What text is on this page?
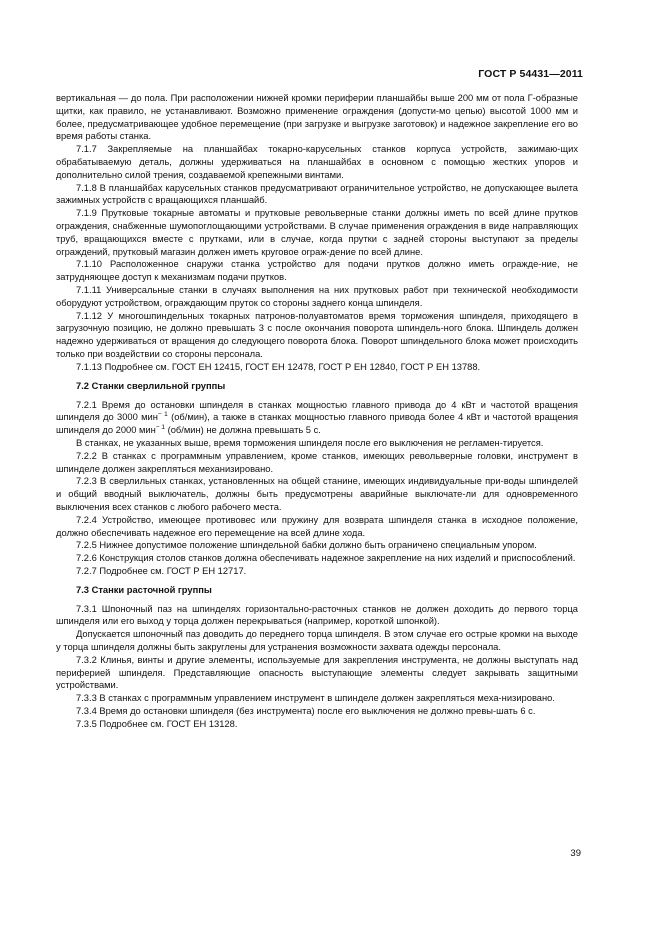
ГОСТ Р 54431—2011

вертикальная — до пола. При расположении нижней кромки периферии планшайбы выше 200 мм от пола Г-образные щитки, как правило, не устанавливают. Возможно применение ограждения (допусти-мо цепью) высотой 1000 мм и более, предусматривающее удобное перемещение (при загрузке и выгрузке заготовок) и надежное закрепление его во время работы станка.

7.1.7 Закрепляемые на планшайбах токарно-карусельных станков корпуса устройств, зажимаю-щих обрабатываемую деталь, должны удерживаться на планшайбах в основном с помощью жестких упоров и дополнительно силой трения, создаваемой крепежными винтами.

7.1.8 В планшайбах карусельных станков предусматривают ограничительное устройство, не допускающее вылета зажимных устройств с вращающихся планшайб.

7.1.9 Прутковые токарные автоматы и прутковые револьверные станки должны иметь по всей длине прутков ограждения, снабженные шумопоглощающими устройствами. В случае применения ограждения в виде направляющих труб, вращающихся вместе с прутками, или в случае, когда прутки с задней стороны выступают за пределы ограждений, прутковый магазин должен иметь круговое ограж-дение по всей длине.

7.1.10 Расположенное снаружи станка устройство для подачи прутков должно иметь огражде-ние, не затрудняющее доступ к механизмам подачи прутков.

7.1.11 Универсальные станки в случаях выполнения на них прутковых работ при технической необходимости оборудуют устройством, ограждающим пруток со стороны заднего конца шпинделя.

7.1.12 У многошпиндельных токарных патронов-полуавтоматов время торможения шпинделя, приходящего в загрузочную позицию, не должно превышать 3 с после окончания поворота шпиндель-ного блока. Шпиндель должен надежно удерживаться от вращения до следующего поворота блока. Поворот шпиндельного блока может происходить только при воздействии со стороны персонала.

7.1.13 Подробнее см. ГОСТ ЕН 12415, ГОСТ ЕН 12478, ГОСТ Р ЕН 12840, ГОСТ Р ЕН 13788.

7.2 Станки сверлильной группы

7.2.1 Время до остановки шпинделя в станках мощностью главного привода до 4 кВт и частотой вращения шпинделя до 3000 мин$^{- 1}$ (об/мин), а также в станках мощностью главного привода более 4 кВт и частотой вращения шпинделя до 2000 мин$^{- 1}$ (об/мин) не должна превышать 5 с.

В станках, не указанных выше, время торможения шпинделя после его выключения не регламен-тируется.

7.2.2 В станках с программным управлением, кроме станков, имеющих револьверные головки, инструмент в шпинделе должен закрепляться механизировано.

7.2.3 В сверлильных станках, установленных на общей станине, имеющих индивидуальные при-воды шпинделей и общий вводный выключатель, должны быть предусмотрены аварийные выключате-ли для одновременного выключения всех станков с любого рабочего места.

7.2.4 Устройство, имеющее противовес или пружину для возврата шпинделя станка в исходное положение, должно обеспечивать надежное его перемещение на всей длине хода.

7.2.5 Нижнее допустимое положение шпиндельной бабки должно быть ограничено специальным упором.

7.2.6 Конструкция столов станков должна обеспечивать надежное закрепление на них изделий и приспособлений.

7.2.7 Подробнее см. ГОСТ Р ЕН 12717.

7.3 Станки расточной группы

7.3.1 Шпоночный паз на шпинделях горизонтально-расточных станков не должен доходить до первого торца шпинделя или его выход у торца должен перекрываться (например, короткой шпонкой).

Допускается шпоночный паз доводить до переднего торца шпинделя. В этом случае его острые кромки на выходе у торца шпинделя должны быть закруглены для устранения возможности захвата одежды персонала.

7.3.2 Клинья, винты и другие элементы, используемые для закрепления инструмента, не должны выступать над периферией шпинделя. Представляющие опасность выступающие элементы следует закрывать защитными устройствами.

7.3.3 В станках с программным управлением инструмент в шпинделе должен закрепляться меха-низировано.

7.3.4 Время до остановки шпинделя (без инструмента) после его выключения не должно превы-шать 6 с.

7.3.5 Подробнее см. ГОСТ ЕН 13128.

39
